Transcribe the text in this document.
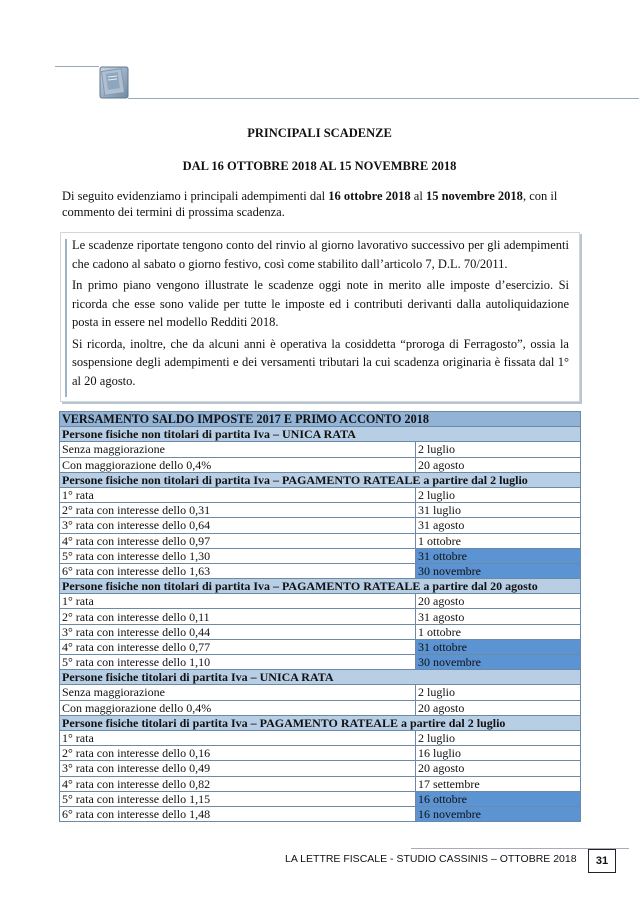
PRINCIPALI SCADENZE
DAL 16 OTTOBRE 2018 AL 15 NOVEMBRE 2018
Di seguito evidenziamo i principali adempimenti dal 16 ottobre 2018 al 15 novembre 2018, con il commento dei termini di prossima scadenza.

Le scadenze riportate tengono conto del rinvio al giorno lavorativo successivo per gli adempimenti che cadono al sabato o giorno festivo, così come stabilito dall’articolo 7, D.L. 70/2011.

In primo piano vengono illustrate le scadenze oggi note in merito alle imposte d’esercizio. Si ricorda che esse sono valide per tutte le imposte ed i contributi derivanti dalla autoliquidazione posta in essere nel modello Redditi 2018.

Si ricorda, inoltre, che da alcuni anni è operativa la cosiddetta “proroga di Ferragosto”, ossia la sospensione degli adempimenti e dei versamenti tributari la cui scadenza originaria è fissata dal 1° al 20 agosto.

VERSAMENTO SALDO IMPOSTE 2017 E PRIMO ACCONTO 2018	
Persone fisiche non titolari di partita Iva – UNICA RATA	
Senza maggiorazione	2 luglio
Con maggiorazione dello 0,4%	20 agosto
Persone fisiche non titolari di partita Iva – PAGAMENTO RATEALE a partire dal 2 luglio	
1° rata	2 luglio
2° rata con interesse dello 0,31	31 luglio
3° rata con interesse dello 0,64	31 agosto
4° rata con interesse dello 0,97	1 ottobre
5° rata con interesse dello 1,30	31 ottobre
6° rata con interesse dello 1,63	30 novembre
Persone fisiche non titolari di partita Iva – PAGAMENTO RATEALE a partire dal 20 agosto	
1° rata	20 agosto
2° rata con interesse dello 0,11	31 agosto
3° rata con interesse dello 0,44	1 ottobre
4° rata con interesse dello 0,77	31 ottobre
5° rata con interesse dello 1,10	30 novembre
Persone fisiche titolari di partita Iva – UNICA RATA	
Senza maggiorazione	2 luglio
Con maggiorazione dello 0,4%	20 agosto
Persone fisiche titolari di partita Iva – PAGAMENTO RATEALE a partire dal 2 luglio	
1° rata	2 luglio
2° rata con interesse dello 0,16	16 luglio
3° rata con interesse dello 0,49	20 agosto
4° rata con interesse dello 0,82	17 settembre
5° rata con interesse dello 1,15	16 ottobre
6° rata con interesse dello 1,48	16 novembre
LA LETTRE FISCALE - STUDIO CASSINIS – OTTOBRE 2018	31
